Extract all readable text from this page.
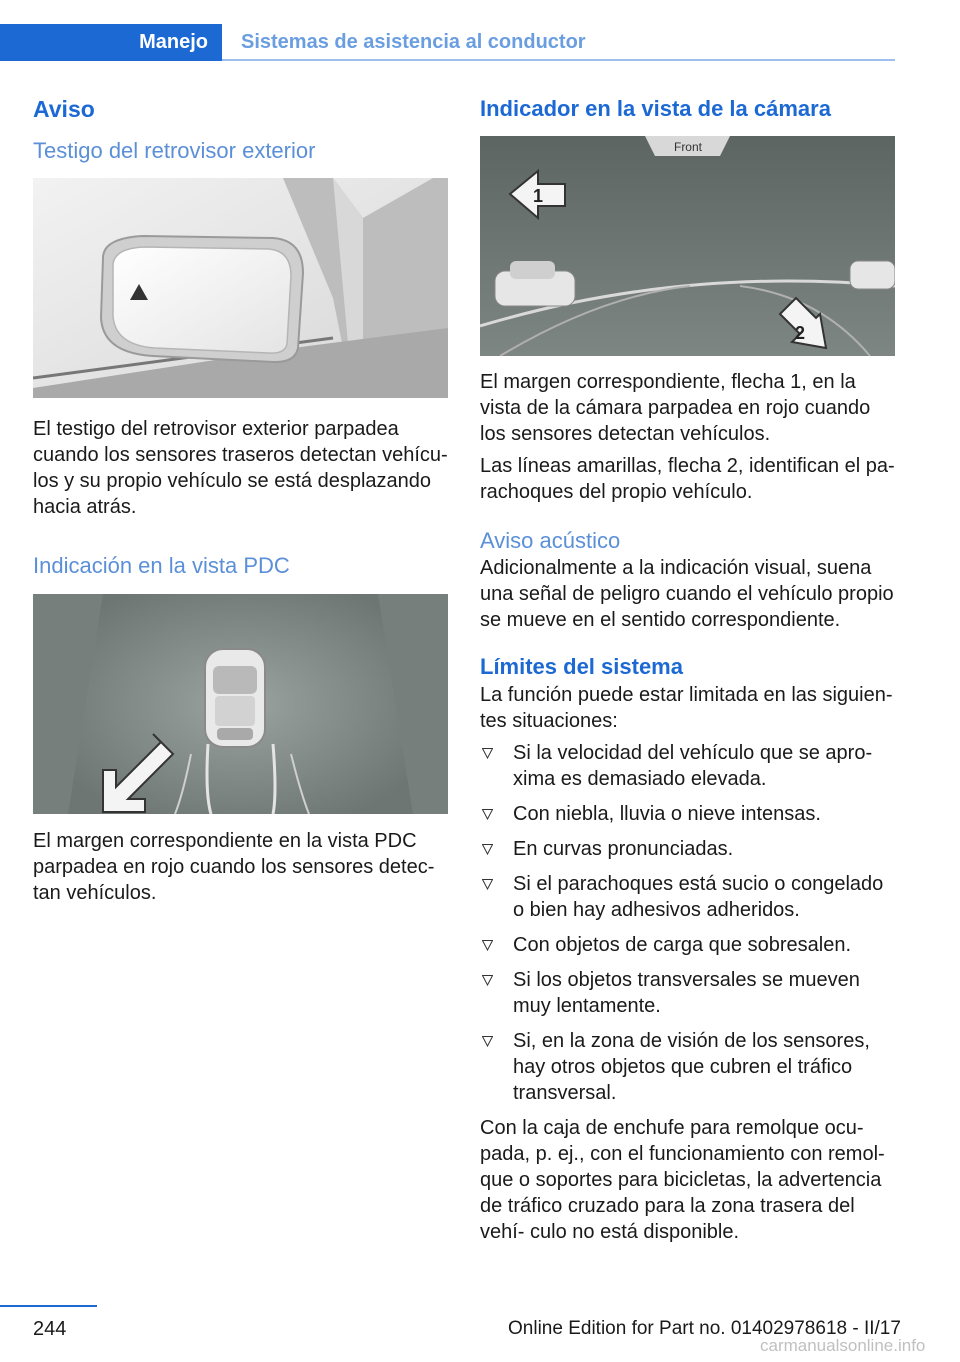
Manejo	Sistemas de asistencia al conductor
Aviso
Testigo del retrovisor exterior

El testigo del retrovisor exterior parpadea cuando los sensores traseros detectan vehícu‐ los y su propio vehículo se está desplazando hacia atrás.

Indicación en la vista PDC

El margen correspondiente en la vista PDC parpadea en rojo cuando los sensores detec‐ tan vehículos.

Indicador en la vista de la cámara
Front
1
2

El margen correspondiente, flecha 1, en la vista de la cámara parpadea en rojo cuando los sensores detectan vehículos.

Las líneas amarillas, flecha 2, identifican el pa‐ rachoques del propio vehículo.

Aviso acústico

Adicionalmente a la indicación visual, suena una señal de peligro cuando el vehículo propio se mueve en el sentido correspondiente.

Límites del sistema

La función puede estar limitada en las siguien‐ tes situaciones:

Si la velocidad del vehículo que se apro‐ xima es demasiado elevada.
Con niebla, lluvia o nieve intensas.
En curvas pronunciadas.
Si el parachoques está sucio o congelado o bien hay adhesivos adheridos.
Con objetos de carga que sobresalen.
Si los objetos transversales se mueven muy lentamente.
Si, en la zona de visión de los sensores, hay otros objetos que cubren el tráfico transversal.

Con la caja de enchufe para remolque ocu‐ pada, p. ej., con el funcionamiento con remol‐ que o soportes para bicicletas, la advertencia de tráfico cruzado para la zona trasera del vehí‐ culo no está disponible.

244	Online Edition for Part no. 01402978618 - II/17
carmanualsonline.info
